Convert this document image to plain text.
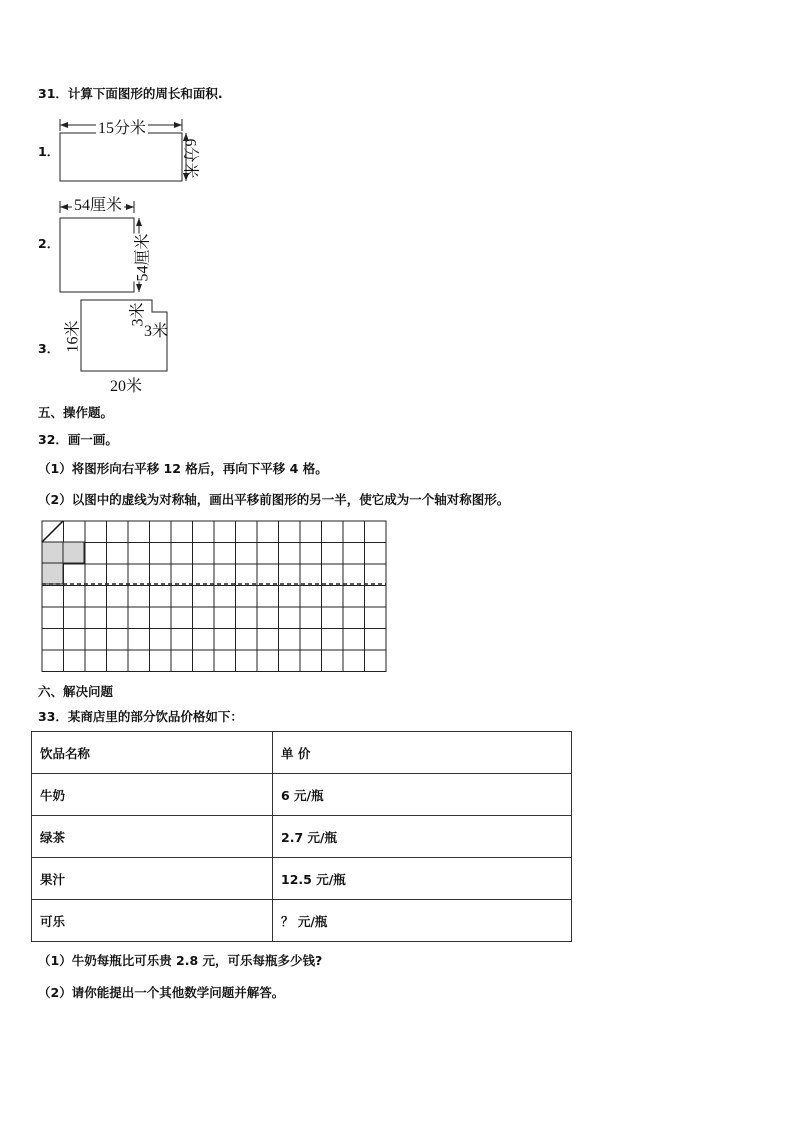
31．计算下面图形的周长和面积.
1．
15分米
6分米
2．
54厘米
54厘米
3． 16米
20米
3米
3米
五、操作题。
32．画一画。
（1）将图形向右平移 12 格后，再向下平移 4 格。
（2）以图中的虚线为对称轴，画出平移前图形的另一半，使它成为一个轴对称图形。
六、解决问题
33．某商店里的部分饮品价格如下：
饮品名称	单 价
牛奶	6 元/瓶
绿茶	2.7 元/瓶
果汁	12.5 元/瓶
可乐	？ 元/瓶
（1）牛奶每瓶比可乐贵 2.8 元，可乐每瓶多少钱?
（2）请你能提出一个其他数学问题并解答。
